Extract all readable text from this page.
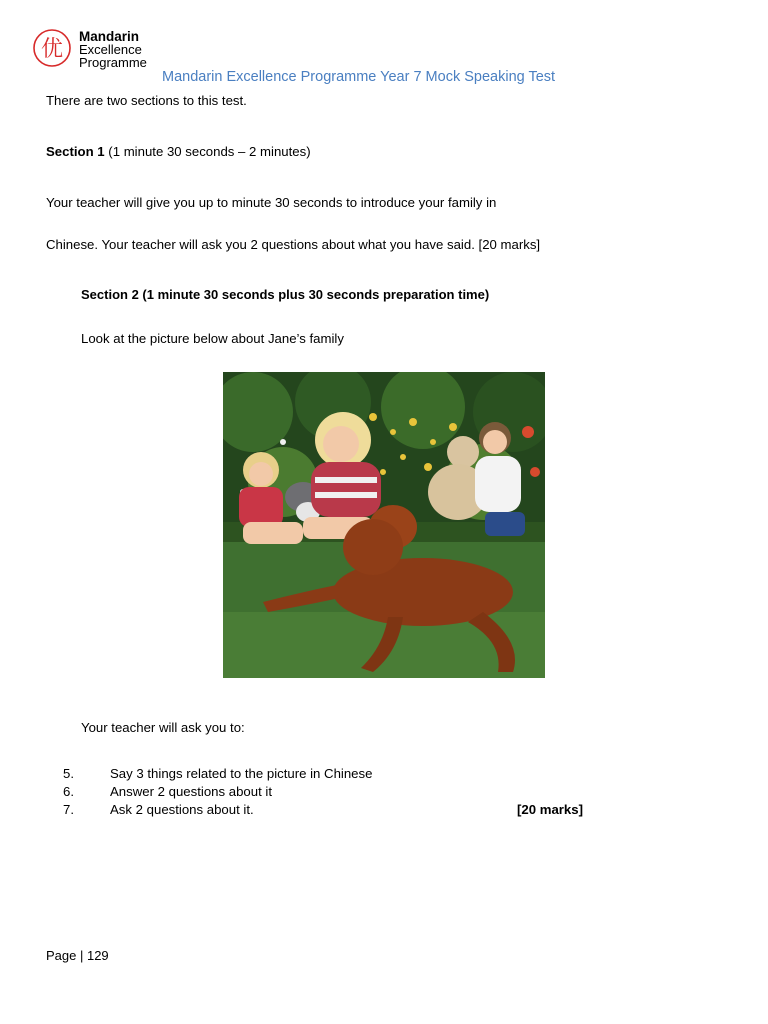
优
Mandarin
Excellence
Programme
Mandarin Excellence Programme Year 7 Mock Speaking Test
There are two sections to this test.
Section 1 (1 minute 30 seconds – 2 minutes)
Your teacher will give you up to minute 30 seconds to introduce your family in
Chinese. Your teacher will ask you 2 questions about what you have said. [20 marks]
Section 2 (1 minute 30 seconds plus 30 seconds preparation time)
Look at the picture below about Jane’s family
Your teacher will ask you to:
5.	Say 3 things related to the picture in Chinese
6.	Answer 2 questions about it
7.	Ask 2 questions about it.	[20 marks]
Page | 129
